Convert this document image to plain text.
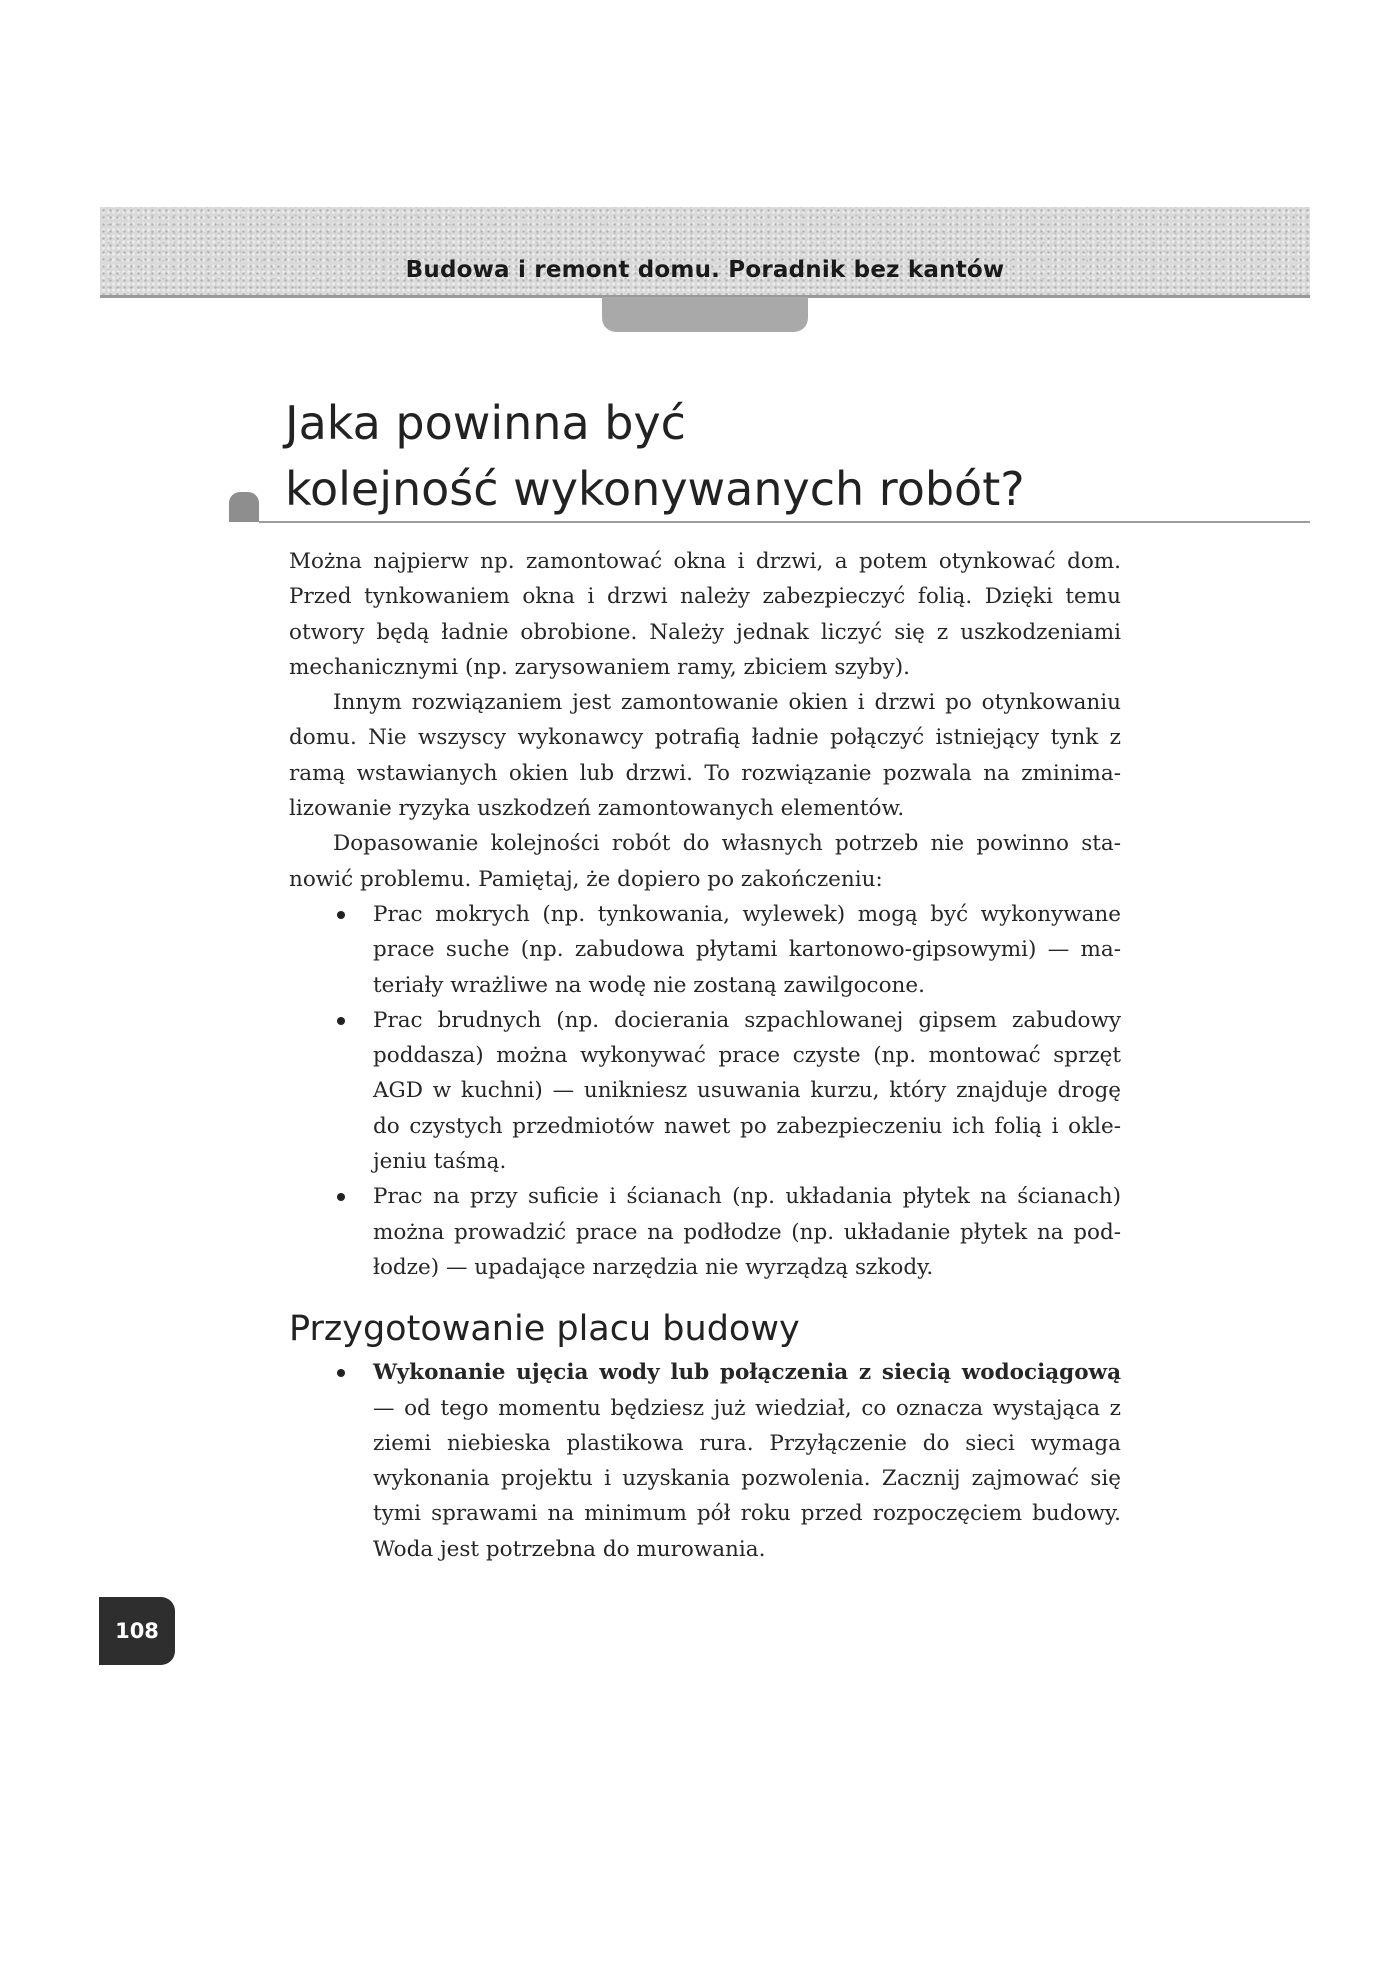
Budowa i remont domu. Poradnik bez kantów
Jaka powinna być
kolejność wykonywanych robót?

Można najpierw np. zamontować okna i drzwi, a potem otynkować dom. Przed tynkowaniem okna i drzwi należy zabezpieczyć folią. Dzięki temu otwory będą ładnie obrobione. Należy jednak liczyć się z uszkodzeniami mechanicznymi (np. zarysowaniem ramy, zbiciem szyby).

Innym rozwiązaniem jest zamontowanie okien i drzwi po otynkowaniu domu. Nie wszyscy wykonawcy potrafią ładnie połączyć istniejący tynk z ramą wstawianych okien lub drzwi. To rozwiązanie pozwala na zminimalizowanie ryzyka uszkodzeń zamontowanych elementów.

Dopasowanie kolejności robót do własnych potrzeb nie powinno stanowić problemu. Pamiętaj, że dopiero po zakończeniu:

Prac mokrych (np. tynkowania, wylewek) mogą być wykonywane prace suche (np. zabudowa płytami kartonowo-gipsowymi) — materiały wrażliwe na wodę nie zostaną zawilgocone.
Prac brudnych (np. docierania szpachlowanej gipsem zabudowy poddasza) można wykonywać prace czyste (np. montować sprzęt AGD w kuchni) — unikniesz usuwania kurzu, który znajduje drogę do czystych przedmiotów nawet po zabezpieczeniu ich folią i oklejeniu taśmą.
Prac na przy suficie i ścianach (np. układania płytek na ścianach) można prowadzić prace na podłodze (np. układanie płytek na podłodze) — upadające narzędzia nie wyrządzą szkody.
Przygotowanie placu budowy
Wykonanie ujęcia wody lub połączenia z siecią wodociągową — od tego momentu będziesz już wiedział, co oznacza wystająca z ziemi niebieska plastikowa rura. Przyłączenie do sieci wymaga wykonania projektu i uzyskania pozwolenia. Zacznij zajmować się tymi sprawami na minimum pół roku przed rozpoczęciem budowy. Woda jest potrzebna do murowania.
108
